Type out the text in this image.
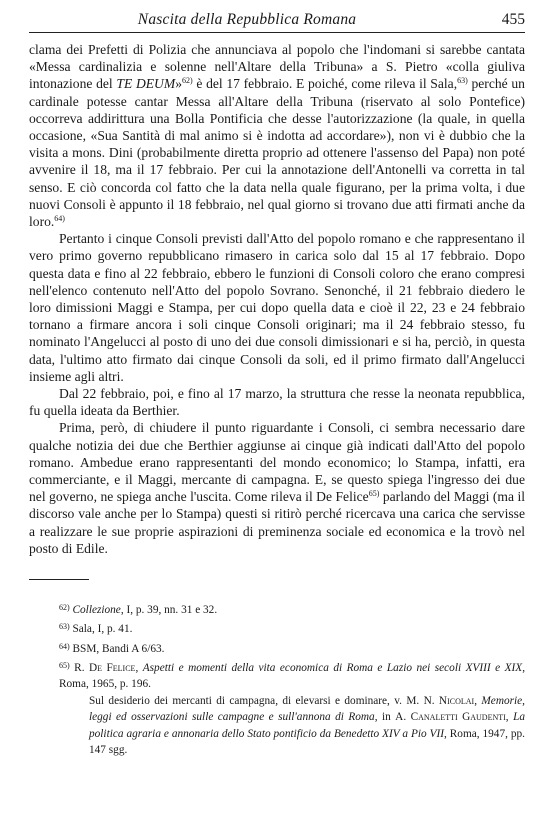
Nascita della Repubblica Romana	455

clama dei Prefetti di Polizia che annunciava al popolo che l'indomani si sarebbe cantata «Messa cardinalizia e solenne nell'Altare della Tribuna» a S. Pietro «colla giuliva intonazione del TE DEUM»$^{62)}$ è del 17 febbraio. E poiché, come rileva il Sala,$^{63)}$ perché un cardinale potesse cantar Messa all'Altare della Tribuna (riservato al solo Pontefice) occorreva addirittura una Bolla Pontificia che desse l'autorizzazione (la quale, in quella occasione, «Sua Santità di mal animo si è indotta ad accordare»), non vi è dubbio che la visita a mons. Dini (probabilmente diretta proprio ad ottenere l'assenso del Papa) non poté avvenire il 18, ma il 17 febbraio. Per cui la annotazione dell'Antonelli va corretta in tal senso. E ciò concorda col fatto che la data nella quale figurano, per la prima volta, i due nuovi Consoli è appunto il 18 febbraio, nel qual giorno si trovano due atti firmati anche da loro.$^{64)}$

Pertanto i cinque Consoli previsti dall'Atto del popolo romano e che rappresentano il vero primo governo repubblicano rimasero in carica solo dal 15 al 17 febbraio. Dopo questa data e fino al 22 febbraio, ebbero le funzioni di Consoli coloro che erano compresi nell'elenco contenuto nell'Atto del popolo Sovrano. Senonché, il 21 febbraio diedero le loro dimissioni Maggi e Stampa, per cui dopo quella data e cioè il 22, 23 e 24 febbraio tornano a firmare ancora i soli cinque Consoli originari; ma il 24 febbraio stesso, fu nominato l'Angelucci al posto di uno dei due consoli dimissionari e si ha, perciò, in questa data, l'ultimo atto firmato dai cinque Consoli da soli, ed il primo firmato dall'Angelucci insieme agli altri.

Dal 22 febbraio, poi, e fino al 17 marzo, la struttura che resse la neonata repubblica, fu quella ideata da Berthier.

Prima, però, di chiudere il punto riguardante i Consoli, ci sembra necessario dare qualche notizia dei due che Berthier aggiunse ai cinque già indicati dall'Atto del popolo romano. Ambedue erano rappresentanti del mondo economico; lo Stampa, infatti, era commerciante, e il Maggi, mercante di campagna. E, se questo spiega l'ingresso dei due nel governo, ne spiega anche l'uscita. Come rileva il De Felice$^{65)}$ parlando del Maggi (ma il discorso vale anche per lo Stampa) questi si ritirò perché ricercava una carica che servisse a realizzare le sue proprie aspirazioni di preminenza sociale ed economica e la trovò nel posto di Edile.

$^{62)}$ Collezione, I, p. 39, nn. 31 e 32.
$^{63)}$ Sala, I, p. 41.
$^{64)}$ BSM, Bandi A 6/63.
$^{65)}$ R. De Felice, Aspetti e momenti della vita economica di Roma e Lazio nei secoli XVIII e XIX, Roma, 1965, p. 196.
Sul desiderio dei mercanti di campagna, di elevarsi e dominare, v. M. N. Nicolai, Memorie, leggi ed osservazioni sulle campagne e sull'annona di Roma, in A. Canaletti Gaudenti, La politica agraria e annonaria dello Stato pontificio da Benedetto XIV a Pio VII, Roma, 1947, pp. 147 sgg.
